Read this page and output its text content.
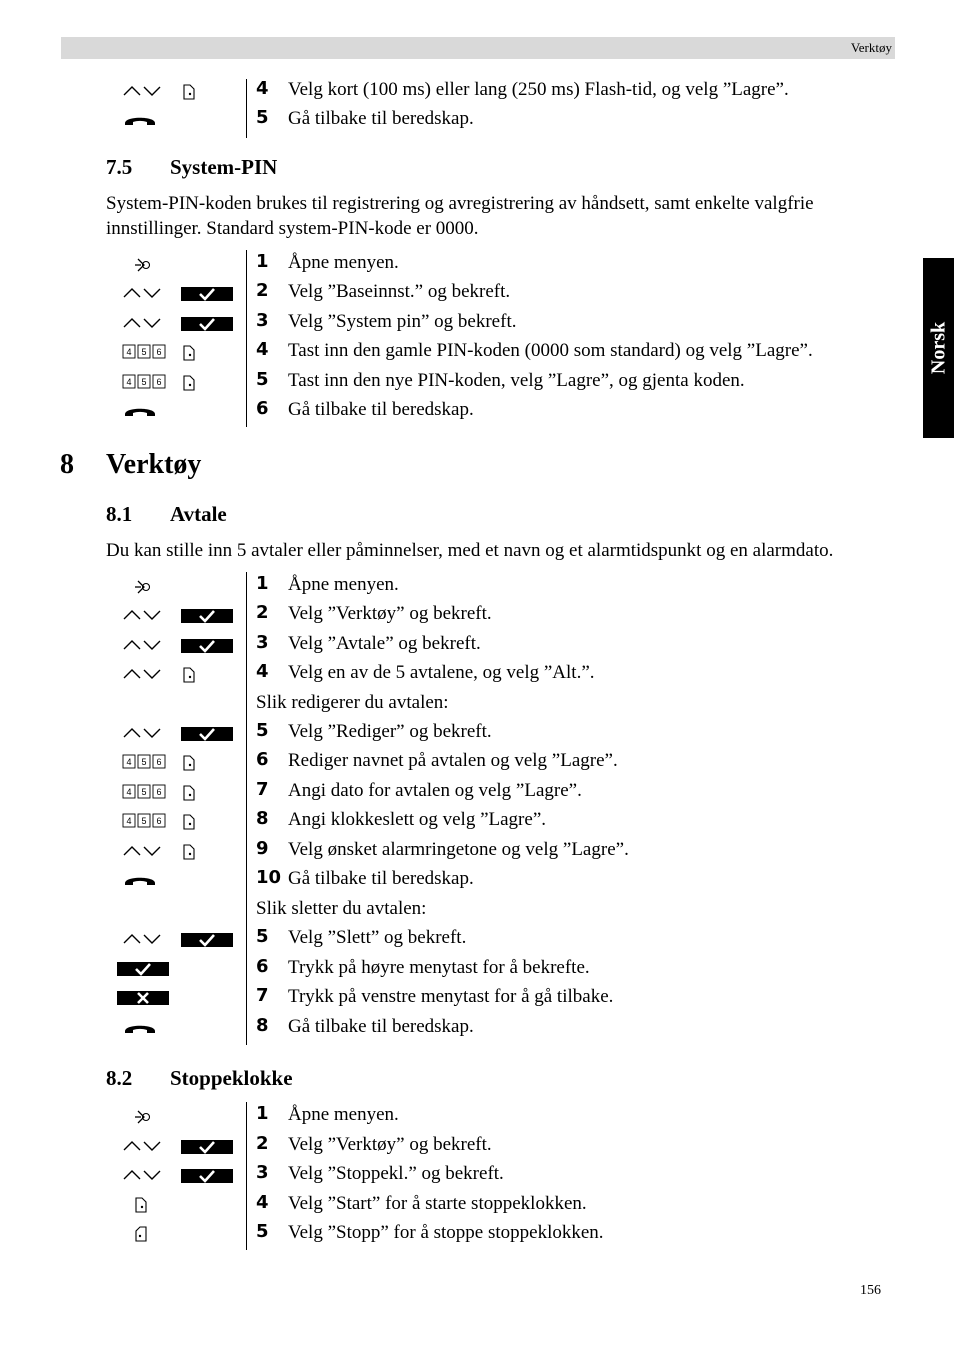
Verktøy
Norsk
4 Velg kort (100 ms) eller lang (250 ms) Flash-tid, og velg ”Lagre”.
5 Gå tilbake til beredskap.
7.5 System-PIN
System-PIN-koden brukes til registrering og avregistrering av håndsett, samt enkelte valgfrie innstillinger. Standard system-PIN-kode er 0000.
1 Åpne menyen.
2 Velg ”Baseinnst.” og bekreft.
3 Velg ”System pin” og bekreft.
4 5 6	4 Tast inn den gamle PIN-koden (0000 som standard) og velg ”Lagre”.
4 5 6	5 Tast inn den nye PIN-koden, velg ”Lagre”, og gjenta koden.
6 Gå tilbake til beredskap.
8 Verktøy
8.1 Avtale
Du kan stille inn 5 avtaler eller påminnelser, med et navn og et alarmtidspunkt og en alarmdato.
1 Åpne menyen.
2 Velg ”Verktøy” og bekreft.
3 Velg ”Avtale” og bekreft.
4 Velg en av de 5 avtalene, og velg ”Alt.”.
Slik redigerer du avtalen:
5 Velg ”Rediger” og bekreft.
4 5 6	6 Rediger navnet på avtalen og velg ”Lagre”.
4 5 6	7 Angi dato for avtalen og velg ”Lagre”.
4 5 6	8 Angi klokkeslett og velg ”Lagre”.
9 Velg ønsket alarmringetone og velg ”Lagre”.
10 Gå tilbake til beredskap.
Slik sletter du avtalen:
5 Velg ”Slett” og bekreft.
6 Trykk på høyre menytast for å bekrefte.
7 Trykk på venstre menytast for å gå tilbake.
8 Gå tilbake til beredskap.
8.2 Stoppeklokke
1 Åpne menyen.
2 Velg ”Verktøy” og bekreft.
3 Velg ”Stoppekl.” og bekreft.
4 Velg ”Start” for å starte stoppeklokken.
5 Velg ”Stopp” for å stoppe stoppeklokken.
156
